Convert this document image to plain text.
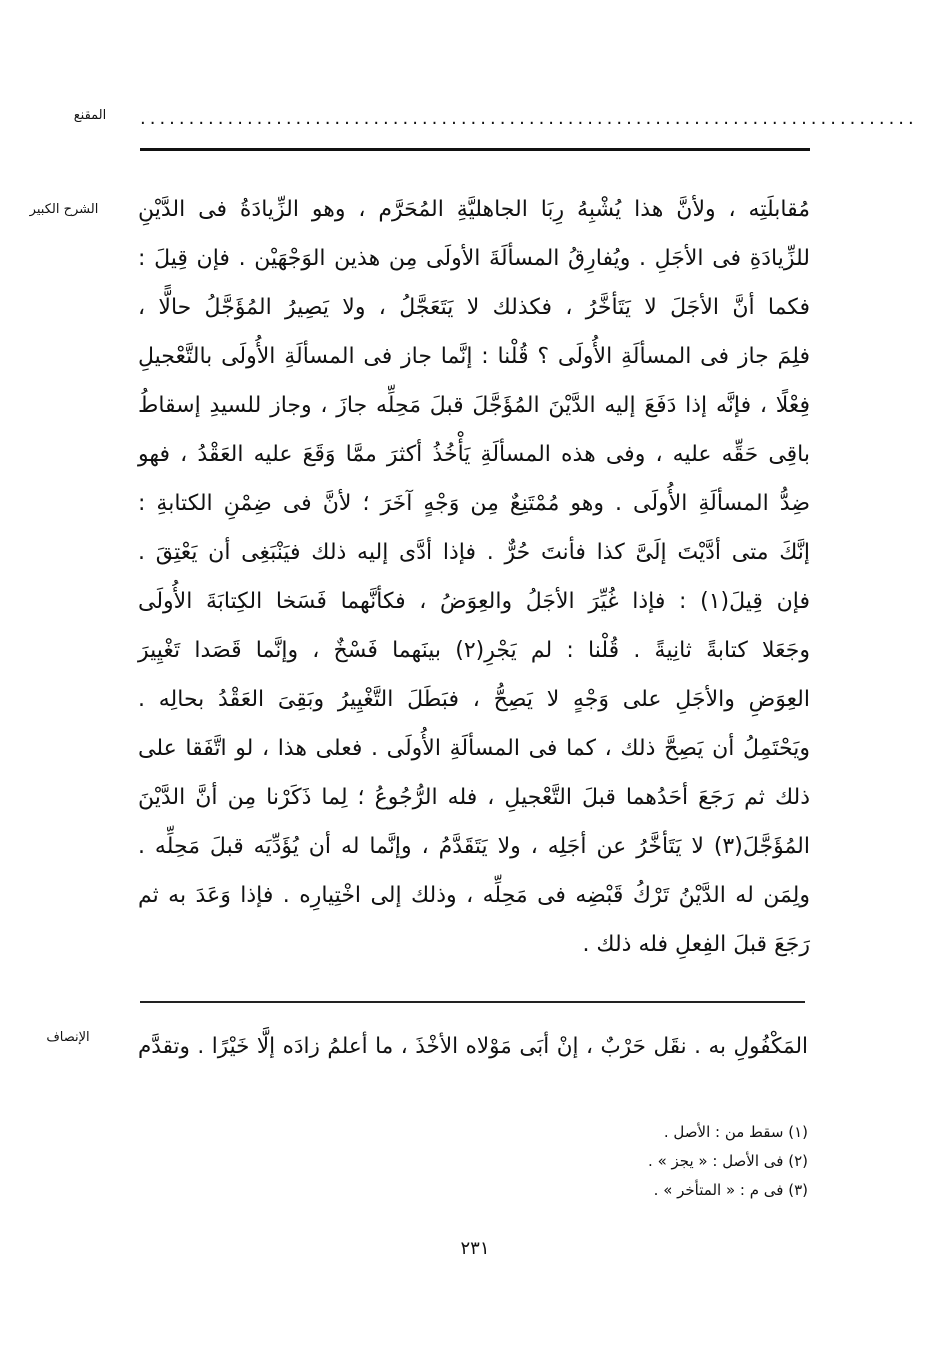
المقنع	................................................................................
الشرح الكبير	مُقابلَتِه ، ولأنَّ هذا يُشْبِهُ رِبَا الجاهليَّةِ المُحَرَّم ، وهو الزِّيادَةُ فى الدَّيْنِ
للزِّيادَةِ فى الأجَلِ . ويُفارِقُ المسألَةَ الأولَى مِن هذين الوَجْهَيْن . فإن قِيلَ :
فكما أنَّ الأجَلَ لا يَتَأخَّرُ ، فكذلك لا يَتَعَجَّلُ ، ولا يَصِيرُ المُؤَجَّلُ حالًّا ،
فلِمَ جاز فى المسألَةِ الأُولَى ؟ قُلْنا : إنَّما جاز فى المسألَةِ الأُولَى بالتَّعْجيلِ
فِعْلًا ، فإنَّه إذا دَفَعَ إليه الدَّيْنَ المُؤَجَّلَ قبلَ مَحِلِّه جازَ ، وجاز للسيدِ إسقاطُ
باقِى حَقِّه عليه ، وفى هذه المسألَةِ يَأْخُذُ أكثرَ ممَّا وَقَعَ عليه العَقْدُ ، فهو
ضِدُّ المسألَةِ الأُولَى . وهو مُمْتَنِعٌ مِن وَجْهٍ آخَرَ ؛ لأنَّ فى ضِمْنِ الكتابةِ :
إنَّكَ متى أدَّيْتَ إلَىَّ كذا فأنتَ حُرٌّ . فإذا أدَّى إليه ذلك فيَنْبَغِى أن يَعْتِقَ .
فإن قِيلَ(١) : فإذا غُيِّرَ الأجَلُ والعِوَضُ ، فكأنَّهما فَسَخا الكِتابَةَ الأُولَى
وجَعَلا كتابةً ثانِيةً . قُلْنا : لم يَجْرِ(٢) بينَهما فَسْخٌ ، وإنَّما قَصَدا تَغْيِيرَ
العِوَضِ والأجَلِ على وَجْهٍ لا يَصِحُّ ، فبَطَلَ التَّغْيِيرُ وبَقِىَ العَقْدُ بحالِه .
ويَحْتَمِلُ أن يَصِحَّ ذلك ، كما فى المسألَةِ الأُولَى . فعلى هذا ، لو اتَّفَقا على
ذلك ثم رَجَعَ أحَدُهما قبلَ التَّعْجيلِ ، فله الرُّجُوعُ ؛ لِما ذَكَرْنا مِن أنَّ الدَّيْنَ
المُؤَجَّلَ(٣) لا يَتَأخَّرُ عن أجَلِه ، ولا يَتَقَدَّمُ ، وإنَّما له أن يُؤَدِّيَه قبلَ مَحِلِّه .
ولِمَن له الدَّيْنُ تَرْكُ قَبْضِه فى مَحِلِّه ، وذلك إلى اخْتِيارِه . فإذا وَعَدَ به ثم
رَجَعَ قبلَ الفِعلِ فله ذلك .
الإنصاف	المَكْفُولِ به . نقَل حَرْبٌ ، إنْ أبَى مَوْلاه الأخْذَ ، ما أعلمُ زادَه إلَّا خَيْرًا . وتقدَّم
(١) سقط من : الأصل .
(٢) فى الأصل : « يجز » .
(٣) فى م : « المتأخر » .
٢٣١
